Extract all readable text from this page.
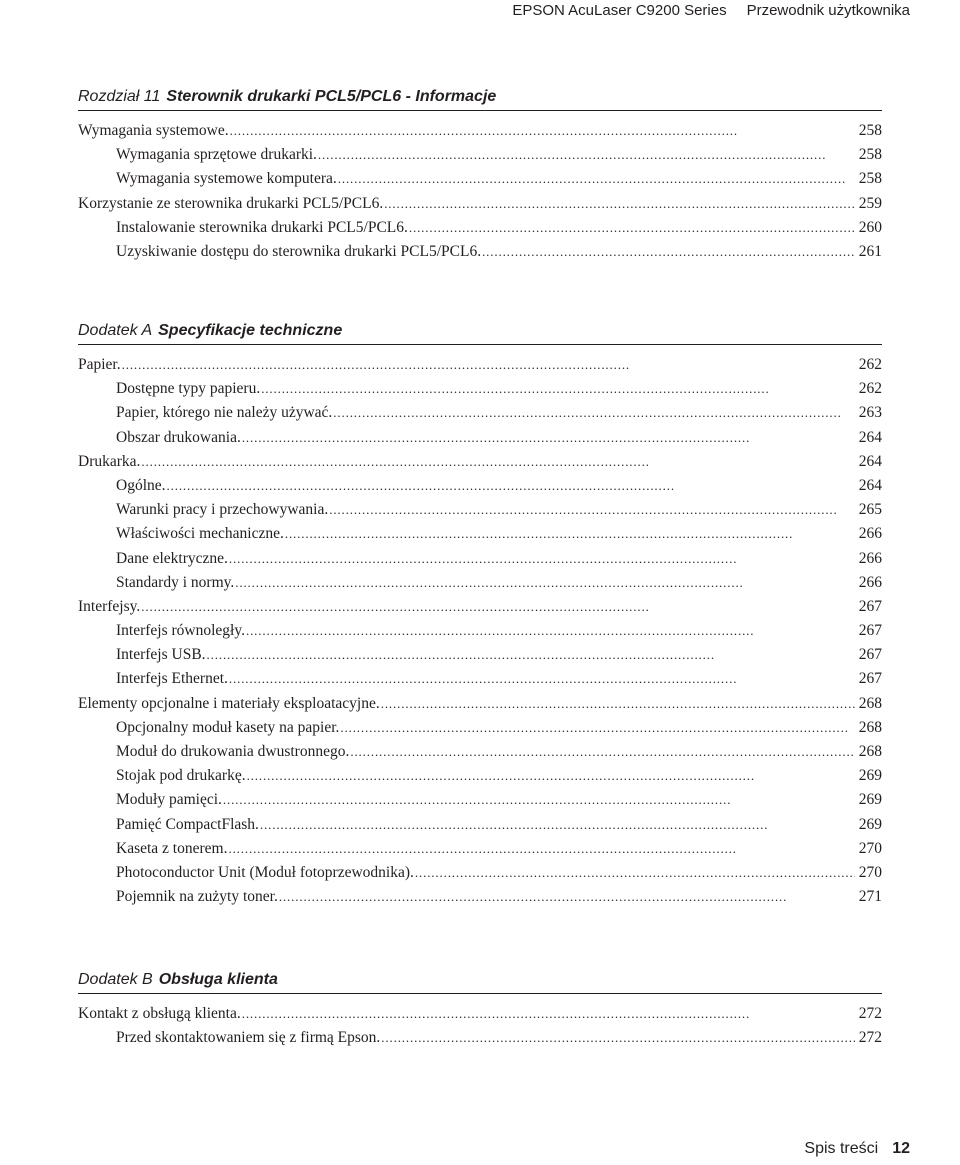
EPSON AcuLaser C9200 Series Przewodnik użytkownika
Rozdział 11 Sterownik drukarki PCL5/PCL6 - Informacje
Wymagania systemowe. . . .	258
Wymagania sprzętowe drukarki. . . .	258
Wymagania systemowe komputera. . . .	258
Korzystanie ze sterownika drukarki PCL5/PCL6. . . .	259
Instalowanie sterownika drukarki PCL5/PCL6. . . .	260
Uzyskiwanie dostępu do sterownika drukarki PCL5/PCL6. . . .	261
Dodatek A Specyfikacje techniczne
Papier. . . .	262
Dostępne typy papieru. . . .	262
Papier, którego nie należy używać. . . .	263
Obszar drukowania. . . .	264
Drukarka. . . .	264
Ogólne. . . .	264
Warunki pracy i przechowywania. . . .	265
Właściwości mechaniczne. . . .	266
Dane elektryczne. . . .	266
Standardy i normy. . . .	266
Interfejsy. . . .	267
Interfejs równoległy. . . .	267
Interfejs USB. . . .	267
Interfejs Ethernet. . . .	267
Elementy opcjonalne i materiały eksploatacyjne. . . .	268
Opcjonalny moduł kasety na papier. . . .	268
Moduł do drukowania dwustronnego. . . .	268
Stojak pod drukarkę. . . .	269
Moduły pamięci. . . .	269
Pamięć CompactFlash. . . .	269
Kaseta z tonerem. . . .	270
Photoconductor Unit (Moduł fotoprzewodnika). . . .	270
Pojemnik na zużyty toner. . . .	271
Dodatek B Obsługa klienta
Kontakt z obsługą klienta. . . .	272
Przed skontaktowaniem się z firmą Epson. . . .	272
Spis treści 12
